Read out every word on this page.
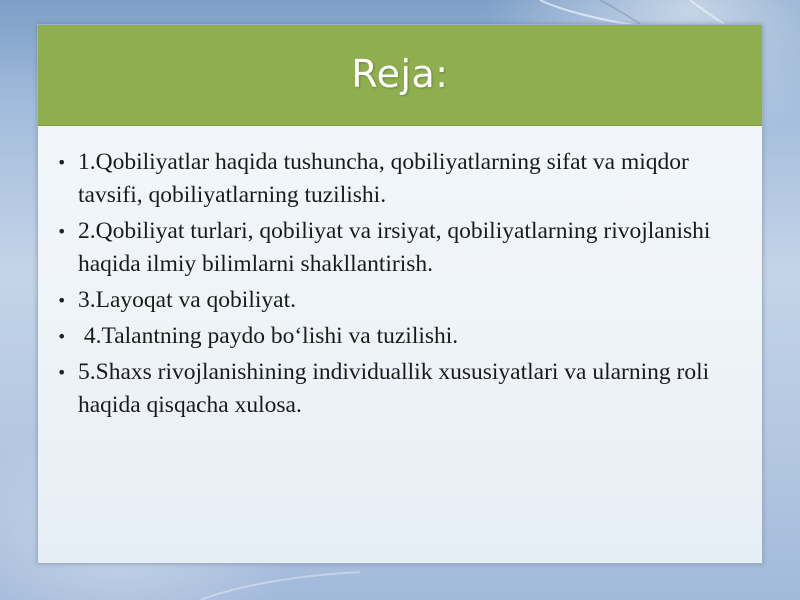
Reja:
• 1.Qobiliyatlar haqida tushuncha, qobiliyatlarning sifat va miqdor tavsifi, qobiliyatlarning tuzilishi.
• 2.Qobiliyat turlari, qobiliyat va irsiyat, qobiliyatlarning rivojlanishi haqida ilmiy bilimlarni shakllantirish.
• 3.Layoqat va qobiliyat.
• 4.Talantning paydo bo‘lishi va tuzilishi.
• 5.Shaxs rivojlanishining individuallik xususiyatlari va ularning roli haqida qisqacha xulosa.
